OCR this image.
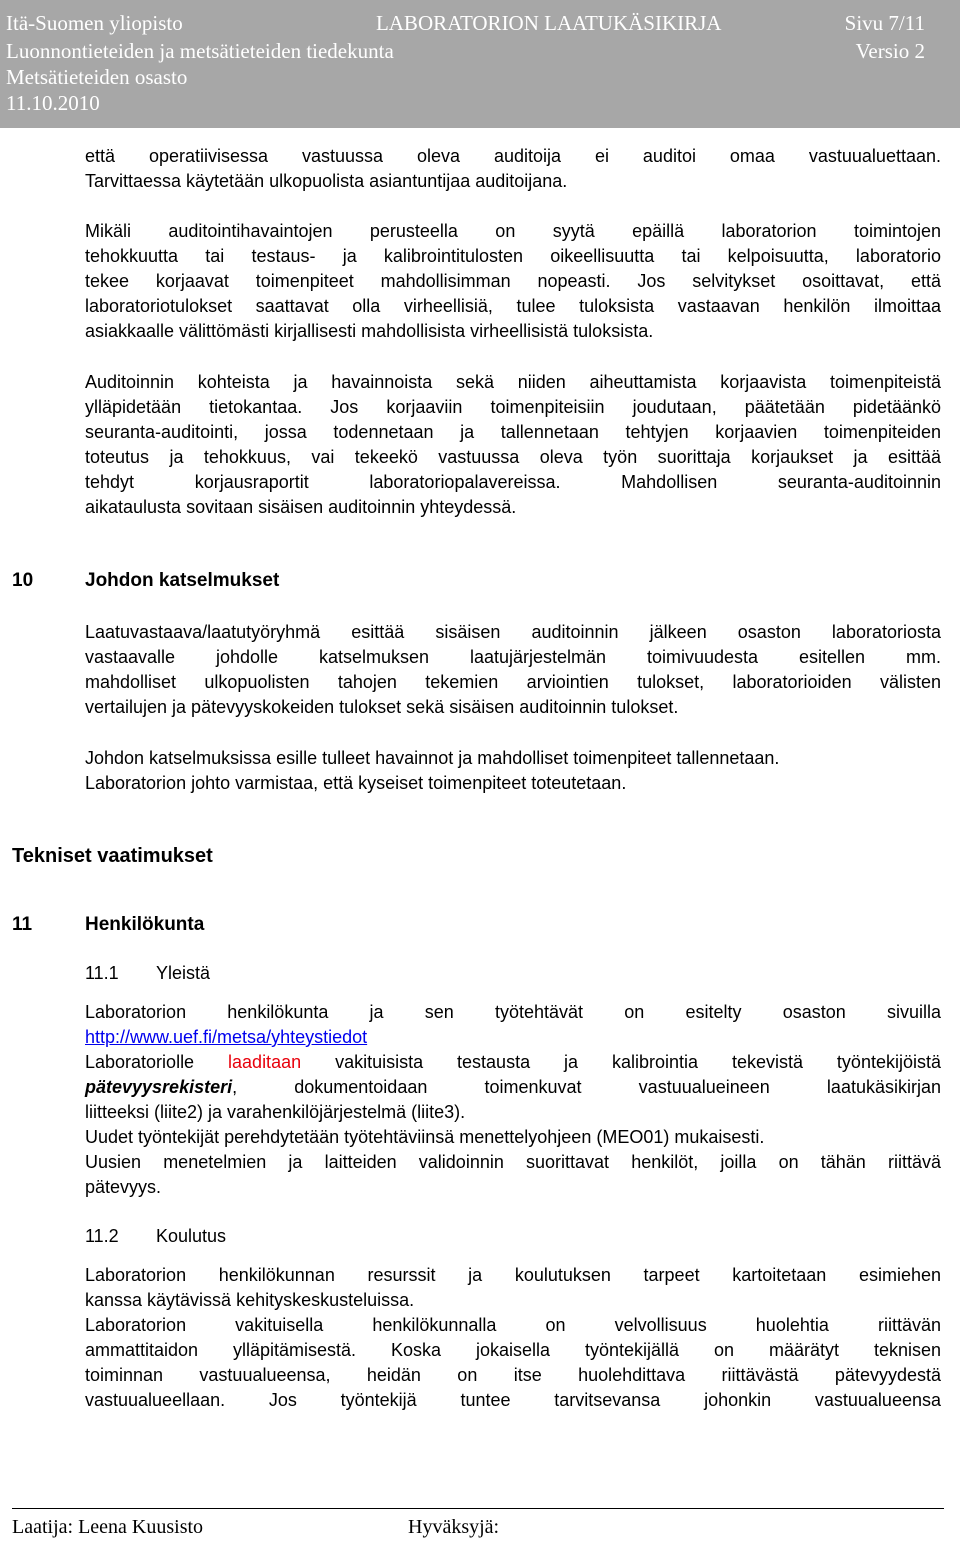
Itä-Suomen yliopisto	LABORATORION LAATUKÄSIKIRJA	Sivu 7/11
Luonnontieteiden ja metsätieteiden tiedekunta	Versio 2
Metsätieteiden osasto
11.10.2010
että operatiivisessa vastuussa oleva auditoija ei auditoi omaa vastuualuettaan.
Tarvittaessa käytetään ulkopuolista asiantuntijaa auditoijana.
Mikäli auditointihavaintojen perusteella on syytä epäillä laboratorion toimintojen
tehokkuutta tai testaus- ja kalibrointitulosten oikeellisuutta tai kelpoisuutta, laboratorio
tekee korjaavat toimenpiteet mahdollisimman nopeasti. Jos selvitykset osoittavat, että
laboratoriotulokset saattavat olla virheellisiä, tulee tuloksista vastaavan henkilön ilmoittaa
asiakkaalle välittömästi kirjallisesti mahdollisista virheellisistä tuloksista.
Auditoinnin kohteista ja havainnoista sekä niiden aiheuttamista korjaavista toimenpiteistä
ylläpidetään tietokantaa. Jos korjaaviin toimenpiteisiin joudutaan, päätetään pidetäänkö
seuranta-auditointi, jossa todennetaan ja tallennetaan tehtyjen korjaavien toimenpiteiden
toteutus ja tehokkuus, vai tekeekö vastuussa oleva työn suorittaja korjaukset ja esittää
tehdyt korjausraportit laboratoriopalavereissa. Mahdollisen seuranta-auditoinnin
aikataulusta sovitaan sisäisen auditoinnin yhteydessä.
10	Johdon katselmukset
Laatuvastaava/laatutyöryhmä esittää sisäisen auditoinnin jälkeen osaston laboratoriosta
vastaavalle johdolle katselmuksen laatujärjestelmän toimivuudesta esitellen mm.
mahdolliset ulkopuolisten tahojen tekemien arviointien tulokset, laboratorioiden välisten
vertailujen ja pätevyyskokeiden tulokset sekä sisäisen auditoinnin tulokset.
Johdon katselmuksissa esille tulleet havainnot ja mahdolliset toimenpiteet tallennetaan.
Laboratorion johto varmistaa, että kyseiset toimenpiteet toteutetaan.
Tekniset vaatimukset
11	Henkilökunta
11.1 Yleistä
Laboratorion henkilökunta ja sen työtehtävät on esitelty osaston sivuilla
http://www.uef.fi/metsa/yhteystiedot
Laboratoriolle laaditaan vakituisista testausta ja kalibrointia tekevistä työntekijöistä
pätevyysrekisteri, dokumentoidaan toimenkuvat vastuualueineen laatukäsikirjan
liitteeksi (liite2) ja varahenkilöjärjestelmä (liite3).
Uudet työntekijät perehdytetään työtehtäviinsä menettelyohjeen (MEO01) mukaisesti.
Uusien menetelmien ja laitteiden validoinnin suorittavat henkilöt, joilla on tähän riittävä
pätevyys.
11.2 Koulutus
Laboratorion henkilökunnan resurssit ja koulutuksen tarpeet kartoitetaan esimiehen
kanssa käytävissä kehityskeskusteluissa.
Laboratorion vakituisella henkilökunnalla on velvollisuus huolehtia riittävän
ammattitaidon ylläpitämisestä. Koska jokaisella työntekijällä on määrätyt teknisen
toiminnan vastuualueensa, heidän on itse huolehdittava riittävästä pätevyydestä
vastuualueellaan. Jos työntekijä tuntee tarvitsevansa johonkin vastuualueensa
Laatija: Leena Kuusisto	Hyväksyjä:
